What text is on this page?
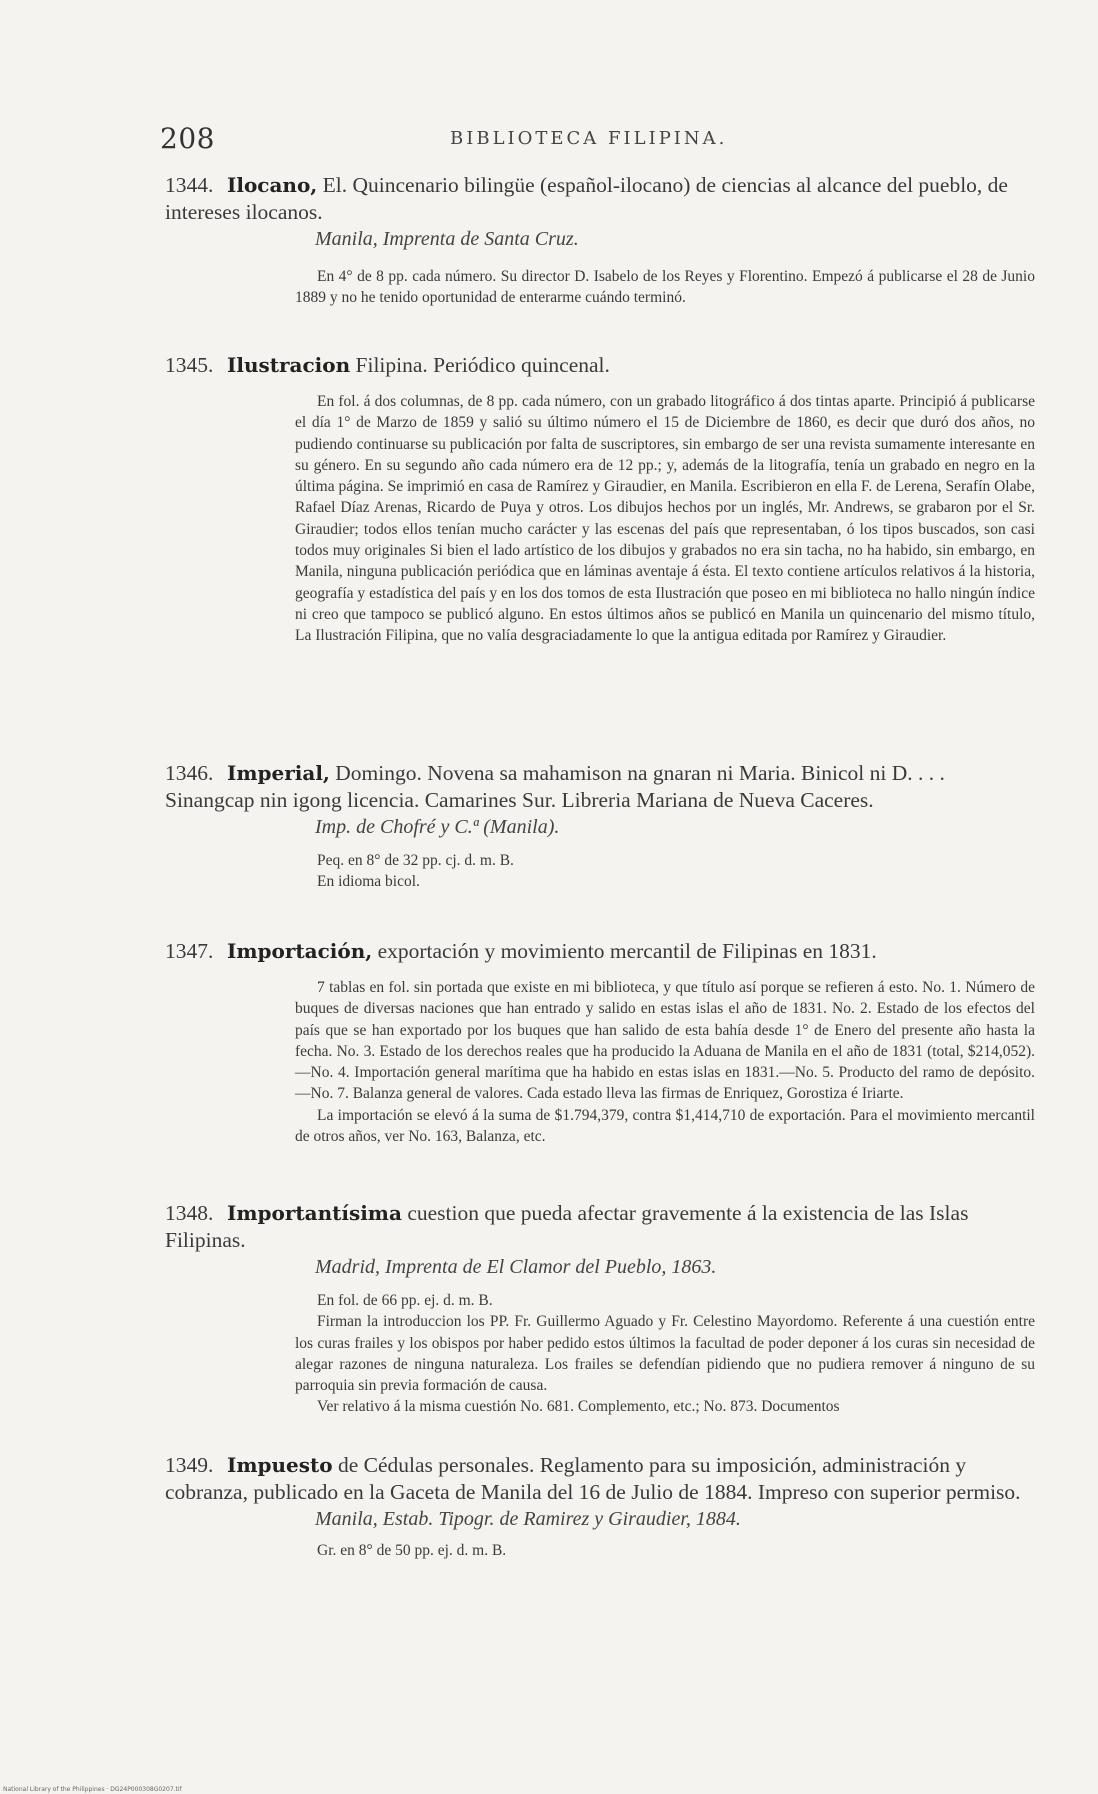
208	BIBLIOTECA FILIPINA.
1344. Ilocano, El. Quincenario bilingüe (español-ilocano) de ciencias al alcance del pueblo, de intereses ilocanos.
Manila, Imprenta de Santa Cruz.

En 4° de 8 pp. cada número. Su director D. Isabelo de los Reyes y Florentino. Empezó á publicarse el 28 de Junio 1889 y no he tenido oportunidad de enterarme cuándo terminó.

1345. Ilustracion Filipina. Periódico quincenal.

En fol. á dos columnas, de 8 pp. cada número, con un grabado litográfico á dos tintas aparte. Principió á publicarse el día 1° de Marzo de 1859 y salió su último número el 15 de Diciembre de 1860, es decir que duró dos años, no pudiendo continuarse su publicación por falta de suscriptores, sin embargo de ser una revista sumamente interesante en su género. En su segundo año cada número era de 12 pp.; y, además de la litografía, tenía un grabado en negro en la última página. Se imprimió en casa de Ramírez y Giraudier, en Manila. Escribieron en ella F. de Lerena, Serafín Olabe, Rafael Díaz Arenas, Ricardo de Puya y otros. Los dibujos hechos por un inglés, Mr. Andrews, se grabaron por el Sr. Giraudier; todos ellos tenían mucho carácter y las escenas del país que representaban, ó los tipos buscados, son casi todos muy originales Si bien el lado artístico de los dibujos y grabados no era sin tacha, no ha habido, sin embargo, en Manila, ninguna publicación periódica que en láminas aventaje á ésta. El texto contiene artículos relativos á la historia, geografía y estadística del país y en los dos tomos de esta Ilustración que poseo en mi biblioteca no hallo ningún índice ni creo que tampoco se publicó alguno. En estos últimos años se publicó en Manila un quincenario del mismo título, La Ilustración Filipina, que no valía desgraciadamente lo que la antigua editada por Ramírez y Giraudier.

1346. Imperial, Domingo. Novena sa mahamison na gnaran ni Maria. Binicol ni D. . . . Sinangcap nin igong licencia. Camarines Sur. Libreria Mariana de Nueva Caceres.
Imp. de Chofré y C.ª (Manila).
Peq. en 8° de 32 pp. cj. d. m. B.
En idioma bicol.
1347. Importación, exportación y movimiento mercantil de Filipinas en 1831.

7 tablas en fol. sin portada que existe en mi biblioteca, y que título así porque se refieren á esto. No. 1. Número de buques de diversas naciones que han entrado y salido en estas islas el año de 1831. No. 2. Estado de los efectos del país que se han exportado por los buques que han salido de esta bahía desde 1° de Enero del presente año hasta la fecha. No. 3. Estado de los derechos reales que ha producido la Aduana de Manila en el año de 1831 (total, $214,052).—No. 4. Importación general marítima que ha habido en estas islas en 1831.—No. 5. Producto del ramo de depósito.—No. 7. Balanza general de valores. Cada estado lleva las firmas de Enriquez, Gorostiza é Iriarte.

La importación se elevó á la suma de $1.794,379, contra $1,414,710 de exportación. Para el movimiento mercantil de otros años, ver No. 163, Balanza, etc.

1348. Importantísima cuestion que pueda afectar gravemente á la existencia de las Islas Filipinas.
Madrid, Imprenta de El Clamor del Pueblo, 1863.

En fol. de 66 pp. ej. d. m. B.

Firman la introduccion los PP. Fr. Guillermo Aguado y Fr. Celestino Mayordomo. Referente á una cuestión entre los curas frailes y los obispos por haber pedido estos últimos la facultad de poder deponer á los curas sin necesidad de alegar razones de ninguna naturaleza. Los frailes se defendían pidiendo que no pudiera remover á ninguno de su parroquia sin previa formación de causa.

Ver relativo á la misma cuestión No. 681. Complemento, etc.; No. 873. Documentos

1349. Impuesto de Cédulas personales. Reglamento para su imposición, administración y cobranza, publicado en la Gaceta de Manila del 16 de Julio de 1884. Impreso con superior permiso.
Manila, Estab. Tipogr. de Ramirez y Giraudier, 1884.
Gr. en 8° de 50 pp. ej. d. m. B.
National Library of the Philippines · DG24P000308G0207.tif
